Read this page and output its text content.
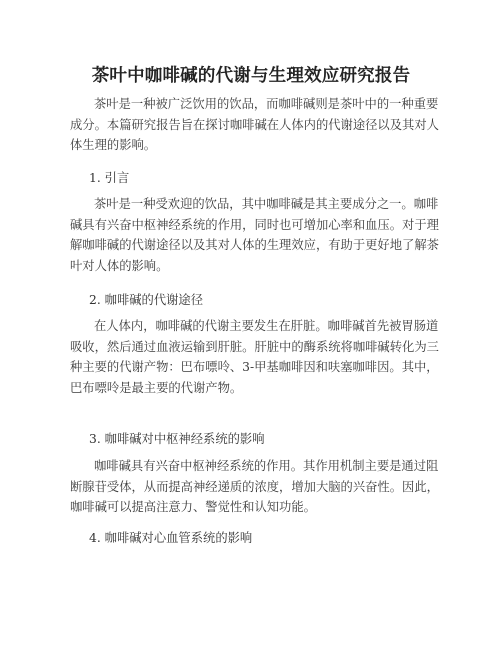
茶叶中咖啡碱的代谢与生理效应研究报告

茶叶是一种被广泛饮用的饮品，而咖啡碱则是茶叶中的一种重要成分。本篇研究报告旨在探讨咖啡碱在人体内的代谢途径以及其对人体生理的影响。

1. 引言

茶叶是一种受欢迎的饮品，其中咖啡碱是其主要成分之一。咖啡碱具有兴奋中枢神经系统的作用，同时也可增加心率和血压。对于理解咖啡碱的代谢途径以及其对人体的生理效应，有助于更好地了解茶叶对人体的影响。

2. 咖啡碱的代谢途径

在人体内，咖啡碱的代谢主要发生在肝脏。咖啡碱首先被胃肠道吸收，然后通过血液运输到肝脏。肝脏中的酶系统将咖啡碱转化为三种主要的代谢产物：巴布嘌呤、3-甲基咖啡因和呋塞咖啡因。其中，巴布嘌呤是最主要的代谢产物。

3. 咖啡碱对中枢神经系统的影响

咖啡碱具有兴奋中枢神经系统的作用。其作用机制主要是通过阻断腺苷受体，从而提高神经递质的浓度，增加大脑的兴奋性。因此，咖啡碱可以提高注意力、警觉性和认知功能。

4. 咖啡碱对心血管系统的影响
